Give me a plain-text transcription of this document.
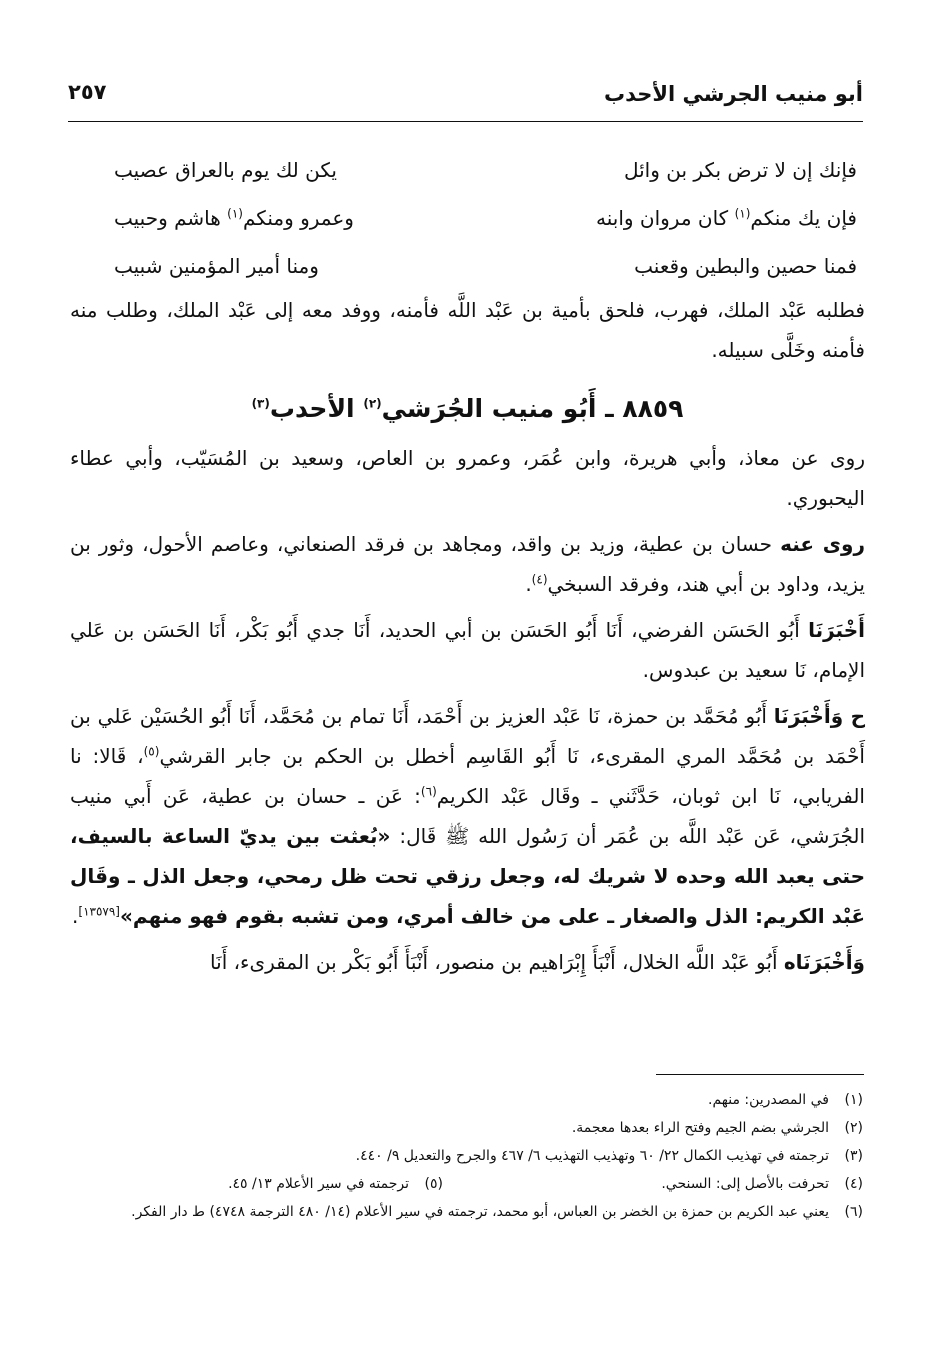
أبو منيب الجرشي الأحدب
٢٥٧
فإنك إن لا ترض بكر بن وائل
يكن لك يوم بالعراق عصيب
فإن يك منكم$^{(١)}$ كان مروان وابنه
وعمرو ومنكم$^{(١)}$ هاشم وحبيب
فمنا حصين والبطين وقعنب
ومنا أمير المؤمنين شبيب

فطلبه عَبْد الملك، فهرب، فلحق بأمية بن عَبْد اللَّه فأمنه، ووفد معه إلى عَبْد الملك، وطلب منه فأمنه وخَلَّى سبيله.

٨٨٥٩ ـ أَبُو منيب الجُرَشي$^{(٢)}$ الأحدب$^{(٣)}$

روى عن معاذ، وأبي هريرة، وابن عُمَر، وعمرو بن العاص، وسعيد بن المُسَيّب، وأبي عطاء اليحبوري.

روى عنه حسان بن عطية، وزيد بن واقد، ومجاهد بن فرقد الصنعاني، وعاصم الأحول، وثور بن يزيد، وداود بن أبي هند، وفرقد السبخي$^{(٤)}$.

أَخْبَرَنَا أَبُو الحَسَن الفرضي، أَنَا أَبُو الحَسَن بن أبي الحديد، أَنَا جدي أَبُو بَكْر، أَنَا الحَسَن بن عَلي الإمام، نَا سعيد بن عبدوس.

ح وَأَخْبَرَنَا أَبُو مُحَمَّد بن حمزة، نَا عَبْد العزيز بن أَحْمَد، أَنَا تمام بن مُحَمَّد، أَنَا أَبُو الحُسَيْن عَلي بن أَحْمَد بن مُحَمَّد المري المقرىء، نَا أَبُو القَاسِم أخطل بن الحكم بن جابر القرشي$^{(٥)}$، قَالا: نا الفريابي، نَا ابن ثوبان، حَدَّثَني ـ وقَال عَبْد الكريم$^{(٦)}$: عَن ـ حسان بن عطية، عَن أَبي منيب الجُرَشي، عَن عَبْد اللَّه بن عُمَر أن رَسُول الله ﷺ قَال: «بُعثت بين يديّ الساعة بالسيف، حتى يعبد الله وحده لا شريك له، وجعل رزقي تحت ظل رمحي، وجعل الذل ـ وقَال عَبْد الكريم: الذل والصغار ـ على من خالف أمري، ومن تشبه بقوم فهو منهم»[١٣٥٧٩].

وَأَخْبَرَنَاه أَبُو عَبْد اللَّه الخلال، أَنْبَأَ إِبْرَاهيم بن منصور، أَنْبَأَ أَبُو بَكْر بن المقرىء، أَنَا

(١)
في المصدرين: منهم.
(٢)
الجرشي بضم الجيم وفتح الراء بعدها معجمة.
(٣)
ترجمته في تهذيب الكمال ٢٢/ ٦٠ وتهذيب التهذيب ٦/ ٤٦٧ والجرح والتعديل ٩/ ٤٤٠.
(٤)
تحرفت بالأصل إلى: السنحي.
(٥)
ترجمته في سير الأعلام ١٣/ ٤٥.
(٦)
يعني عبد الكريم بن حمزة بن الخضر بن العباس، أبو محمد، ترجمته في سير الأعلام (١٤/ ٤٨٠ الترجمة ٤٧٤٨) ط دار الفكر.
